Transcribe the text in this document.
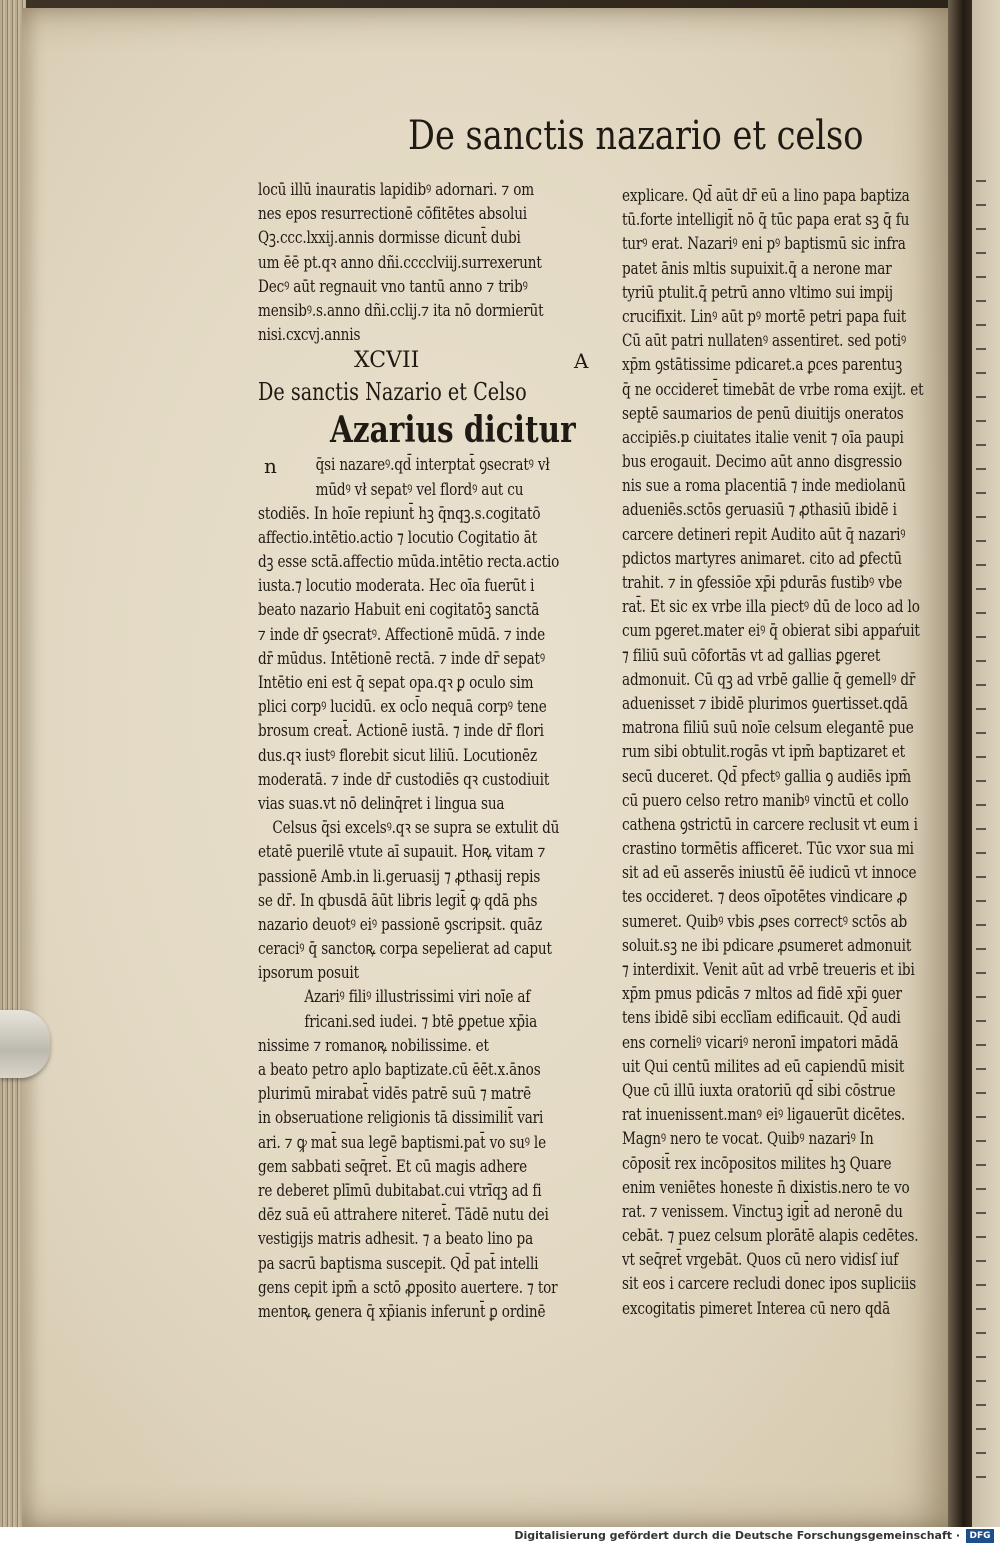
De sanctis nazario et celso
locū illū inauratis lapidibꝰ adornari. ⁊ om
nes epos resurrectionē cōfitētes absolui
Qꝫ.ccc.lxxij.annis dormisse dicunt̄ dubi
um ēē pt.qꝛ anno dñi.cccclviij.surrexerunt
Decꝰ aūt regnauit vno tantū anno ⁊ tribꝰ
mensibꝰ.s.anno dñi.cclij.⁊ ita nō dormierūt
nisi.cxcvj.annis
XCVII	A
De sanctis Nazario et Celso
Azarius dicitur
n	q̄si nazareꝰ.qd̄ interptat̄ ꝯsecratꝰ vł
mūdꝰ vł sepatꝰ vel flordꝰ aut cu
stodiēs. In hoīe repiunt̄ hꝫ q̄nqꝫ.s.cogitatō
affectio.intētio.actio ⁊ locutio Cogitatio āt
dꝫ esse sctā.affectio mūda.intētio recta.actio
iusta.⁊ locutio moderata. Hec oīa fuerūt i
beato nazario Habuit eni cogitatōꝫ sanctā
⁊ inde dr̄ ꝯsecratꝰ. Affectionē mūdā. ⁊ inde
dr̄ mūdus. Intētionē rectā. ⁊ inde dr̄ sepatꝰ
Intētio eni est q̄ sepat opa.qꝛ ꝑ oculo sim
plici corpꝰ lucidū. ex ocl̄o nequā corpꝰ tene
brosum creat̄. Actionē iustā. ⁊ inde dr̄ flori
dus.qꝛ iustꝰ florebit sicut liliū. Locutionēz
moderatā. ⁊ inde dr̄ custodiēs qꝛ custodiuit
vias suas.vt nō delinq̄ret i lingua sua
Celsus q̄si excelsꝰ.qꝛ se supra se extulit dū
etatē puerilē vtute aī supauit. Hoꝶ vitam ⁊
passionē Amb.in li.geruasij ⁊ ꝓthasij repis
se dr̄. In qbusdā āūt libris legit̄ ꝙ qdā phs
nazario deuotꝰ eiꝰ passionē ꝯscripsit. quāz
ceraciꝰ q̄ sanctoꝶ corpa sepelierat ad caput
ipsorum posuit
Azariꝰ filiꝰ illustrissimi viri noīe af
fricani.sed iudei. ⁊ btē ꝑpetue xp̄ia
nissime ⁊ romanoꝶ nobilissime. et
a beato petro aplo baptizate.cū ēēt.x.ānos
plurimū mirabat̄ vidēs patrē suū ⁊ matrē
in obseruatione religionis tā dissimilit̄ vari
ari. ⁊ ꝙ mat̄ sua legē baptismi.pat̄ vo suꝰ le
gem sabbati seq̄ret̄. Et cū magis adhere
re deberet plīmū dubitabat.cui vtrīqꝫ ad fi
dēz suā eū attrahere niteret̄. Tādē nutu dei
vestigijs matris adhesit. ⁊ a beato lino pa
pa sacrū baptisma suscepit. Qd̄ pat̄ intelli
gens cepit ipm̄ a sctō ꝓposito auertere. ⁊ tor
mentoꝶ genera q̄ xp̄ianis inferunt̄ ꝑ ordinē
explicare. Qd̄ aūt dr̄ eū a lino papa baptiza
tū.forte intelligit̄ nō q̄ tūc papa erat sꝫ q̄ fu
turꝰ erat. Nazariꝰ eni pꝰ baptismū sic infra
patet ānis mltis supuixit.q̄ a nerone mar
tyriū ptulit.q̄ petrū anno vltimo sui impij
crucifixit. Linꝰ aūt pꝰ mortē petri papa fuit
Cū aūt patri nullatenꝰ assentiret. sed potiꝰ
xp̄m ꝯstātissime pdicaret.a ꝑces parentuꝫ
q̄ ne occideret̄ timebāt de vrbe roma exijt. et
septē saumarios de penū diuitijs oneratos
accipiēs.p ciuitates italie venit ⁊ oīa paupi
bus erogauit. Decimo aūt anno disgressio
nis sue a roma placentiā ⁊ inde mediolanū
adueniēs.sctōs geruasiū ⁊ ꝓthasiū ibidē i
carcere detineri repit Audito aūt q̄ nazariꝰ
pdictos martyres animaret. cito ad ꝑfectū
trahit. ⁊ in ꝯfessiōe xp̄i pdurās fustibꝰ vbe
rat̄. Et sic ex vrbe illa piectꝰ dū de loco ad lo
cum pgeret.mater eiꝰ q̄ obierat sibi appaŕuit
⁊ filiū suū cōfortās vt ad gallias ꝑgeret
admonuit. Cū qꝫ ad vrbē gallie q̄ gemellꝰ dr̄
aduenisset ⁊ ibidē plurimos ꝯuertisset.qdā
matrona filiū suū noīe celsum elegantē pue
rum sibi obtulit.rogās vt ipm̄ baptizaret et
secū duceret. Qd̄ pfectꝰ gallia ꝯ audiēs ipm̄
cū puero celso retro manibꝰ vinctū et collo
cathena ꝯstrictū in carcere reclusit vt eum i
crastino tormētis afficeret. Tūc vxor sua mi
sit ad eū asserēs iniustū ēē iudicū vt innoce
tes occideret. ⁊ deos oīpotētes vindicare ꝓ
sumeret. Quibꝰ vbis ꝓses correctꝰ sctōs ab
soluit.sꝫ ne ibi pdicare ꝓsumeret admonuit
⁊ interdixit. Venit aūt ad vrbē treueris et ibi
xp̄m pmus pdicās ⁊ mltos ad fidē xp̄i ꝯuer
tens ibidē sibi ecclīam edificauit. Qd̄ audi
ens corneliꝰ vicariꝰ neronī imꝑatori mādā
uit Qui centū milites ad eū capiendū misit
Que cū illū iuxta oratoriū qd̄ sibi cōstrue
rat inuenissent.manꝰ eiꝰ ligauerūt dicētes.
Magnꝰ nero te vocat. Quibꝰ nazariꝰ In
cōposit̄ rex incōpositos milites hꝫ Quare
enim veniētes honeste n̄ dixistis.nero te vo
rat. ⁊ venissem. Vinctuꝫ igit̄ ad neronē du
cebāt. ⁊ puez celsum plorātē alapis cedētes.
vt seq̄ret̄ vrgebāt. Quos cū nero vidisſ iuf
sit eos i carcere recludi donec ipos supliciis
excogitatis pimeret Interea cū nero qdā
Digitalisierung gefördert durch die Deutsche Forschungsgemeinschaft ·	DFG
